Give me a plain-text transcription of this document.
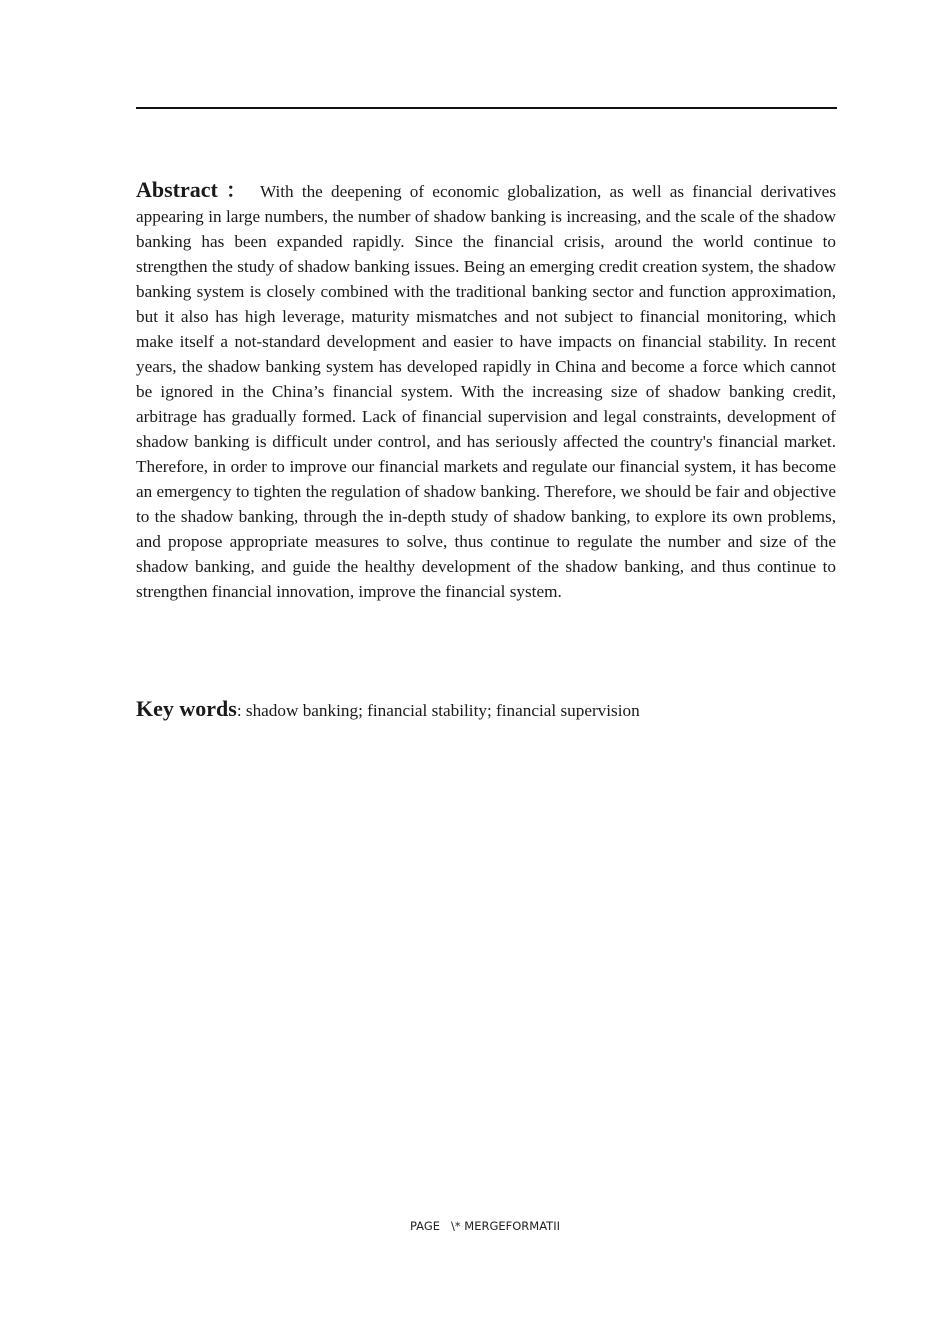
Abstract ： With the deepening of economic globalization, as well as financial derivatives appearing in large numbers, the number of shadow banking is increasing, and the scale of the shadow banking has been expanded rapidly. Since the financial crisis, around the world continue to strengthen the study of shadow banking issues. Being an emerging credit creation system, the shadow banking system is closely combined with the traditional banking sector and function approximation, but it also has high leverage, maturity mismatches and not subject to financial monitoring, which make itself a not-standard development and easier to have impacts on financial stability. In recent years, the shadow banking system has developed rapidly in China and become a force which cannot be ignored in the China’s financial system. With the increasing size of shadow banking credit, arbitrage has gradually formed. Lack of financial supervision and legal constraints, development of shadow banking is difficult under control, and has seriously affected the country's financial market. Therefore, in order to improve our financial markets and regulate our financial system, it has become an emergency to tighten the regulation of shadow banking. Therefore, we should be fair and objective to the shadow banking, through the in-depth study of shadow banking, to explore its own problems, and propose appropriate measures to solve, thus continue to regulate the number and size of the shadow banking, and guide the healthy development of the shadow banking, and thus continue to strengthen financial innovation, improve the financial system.

Key words: shadow banking; financial stability; financial supervision

PAGE   \* MERGEFORMATII
